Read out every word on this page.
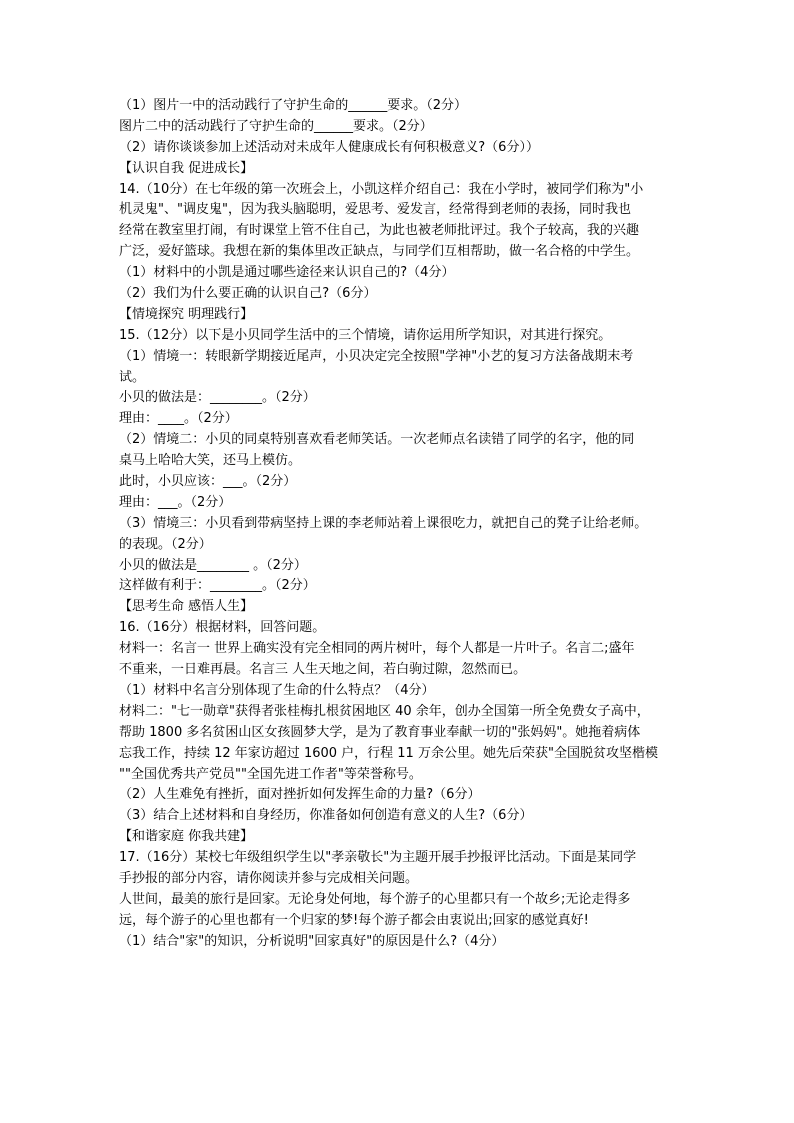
（1）图片一中的活动践行了守护生命的______要求。（2分）
图片二中的活动践行了守护生命的______要求。（2分）
（2）请你谈谈参加上述活动对未成年人健康成长有何积极意义?（6分））
【认识自我 促进成长】
14.（10分）在七年级的第一次班会上，小凯这样介绍自己：我在小学时，被同学们称为"小
机灵鬼"、"调皮鬼"，因为我头脑聪明，爱思考、爱发言，经常得到老师的表扬，同时我也
经常在教室里打闹，有时课堂上管不住自己，为此也被老师批评过。我个子较高，我的兴趣
广泛，爱好篮球。我想在新的集体里改正缺点，与同学们互相帮助，做一名合格的中学生。
（1）材料中的小凯是通过哪些途径来认识自己的?（4分）
（2）我们为什么要正确的认识自己?（6分）
【情境探究 明理践行】
15.（12分）以下是小贝同学生活中的三个情境，请你运用所学知识，对其进行探究。
（1）情境一：转眼新学期接近尾声，小贝决定完全按照"学神"小艺的复习方法备战期末考
试。
小贝的做法是：________。（2分）
理由：____。（2分）
（2）情境二：小贝的同桌特别喜欢看老师笑话。一次老师点名读错了同学的名字，他的同
桌马上哈哈大笑，还马上模仿。
此时，小贝应该：___。（2分）
理由：___。（2分）
（3）情境三：小贝看到带病坚持上课的李老师站着上课很吃力，就把自己的凳子让给老师。
的表现。（2分）
小贝的做法是________ 。（2分）
这样做有利于：________。（2分）
【思考生命 感悟人生】
16.（16分）根据材料，回答问题。
材料一：名言一 世界上确实没有完全相同的两片树叶，每个人都是一片叶子。名言二;盛年
不重来，一日难再晨。名言三 人生天地之间，若白驹过隙，忽然而已。
（1）材料中名言分别体现了生命的什么特点？（4分）
材料二："七一勋章"获得者张桂梅扎根贫困地区 40 余年，创办全国第一所全免费女子高中，
帮助 1800 多名贫困山区女孩圆梦大学，是为了教育事业奉献一切的"张妈妈"。她拖着病体
忘我工作，持续 12 年家访超过 1600 户，行程 11 万余公里。她先后荣获"全国脱贫攻坚楷模
""全国优秀共产党员""全国先进工作者"等荣誉称号。
（2）人生难免有挫折，面对挫折如何发挥生命的力量?（6分）
（3）结合上述材料和自身经历，你准备如何创造有意义的人生?（6分）
【和谐家庭 你我共建】
17.（16分）某校七年级组织学生以"孝亲敬长"为主题开展手抄报评比活动。下面是某同学
手抄报的部分内容，请你阅读并参与完成相关问题。
人世间，最美的旅行是回家。无论身处何地，每个游子的心里都只有一个故乡;无论走得多
远，每个游子的心里也都有一个归家的梦!每个游子都会由衷说出;回家的感觉真好!
（1）结合"家"的知识，分析说明"回家真好"的原因是什么?（4分）
